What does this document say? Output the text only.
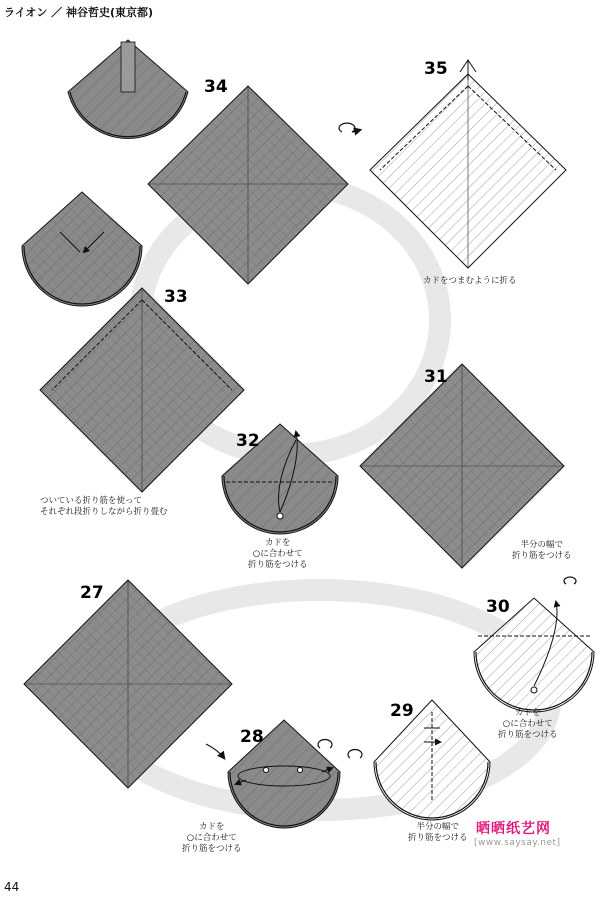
ライオン ／ 神谷哲史(東京都)
34
35
33
32
31
30
27
28
29
カドをつまむように折る
ついている折り筋を使って
それぞれ段折りしながら折り畳む
カドを
○に合わせて
折り筋をつける
半分の幅で
折り筋をつける
カドを
○に合わせて
折り筋をつける
カドを
○に合わせて
折り筋をつける
半分の幅で
折り筋をつける
晒晒纸艺网
[www.saysay.net]
44
